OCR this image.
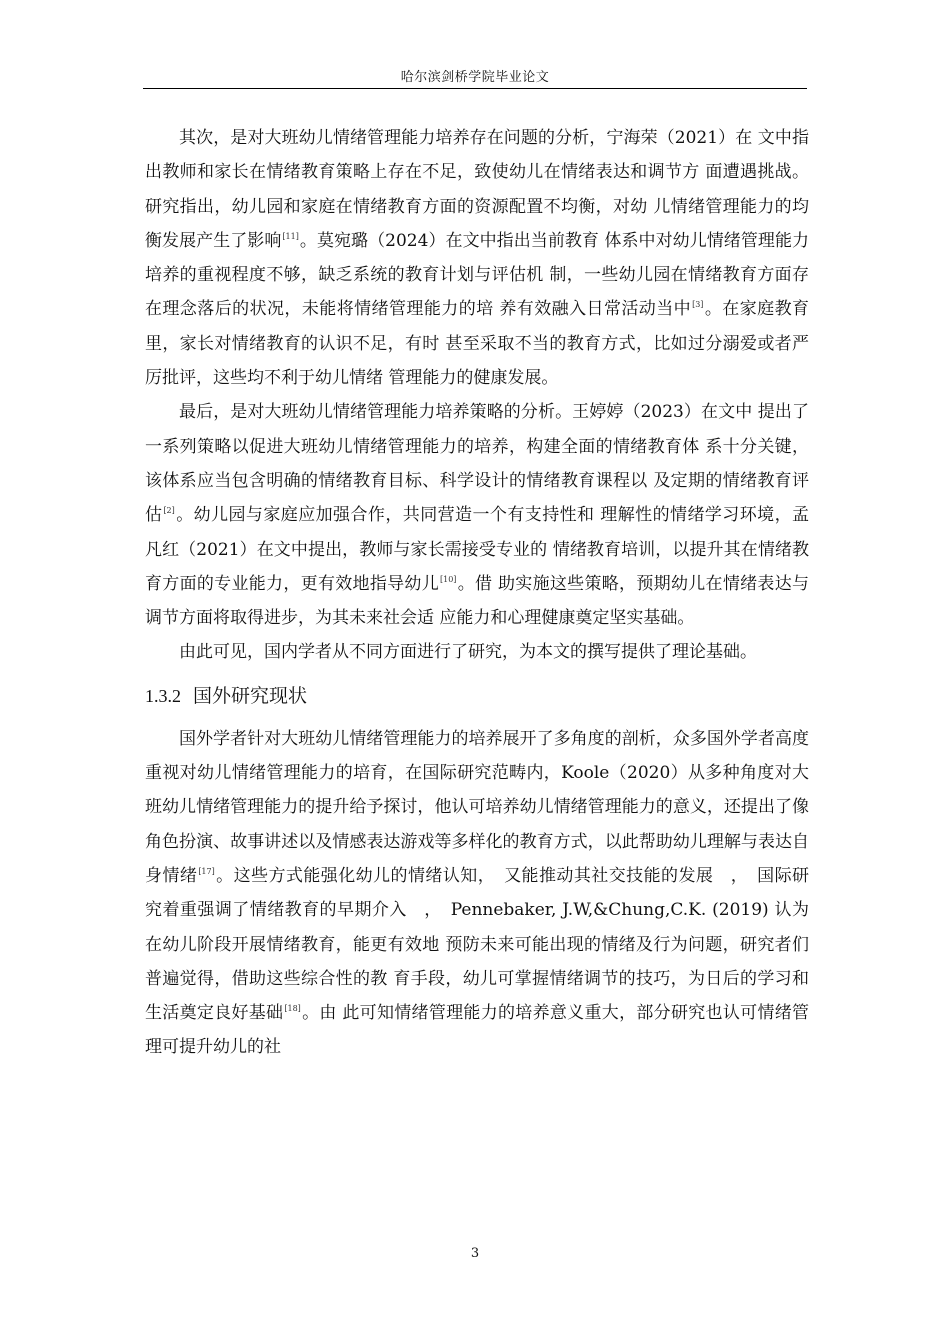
哈尔滨剑桥学院毕业论文

其次，是对大班幼儿情绪管理能力培养存在问题的分析，宁海荣（2021）在 文中指出教师和家长在情绪教育策略上存在不足，致使幼儿在情绪表达和调节方 面遭遇挑战。研究指出，幼儿园和家庭在情绪教育方面的资源配置不均衡，对幼 儿情绪管理能力的均衡发展产生了影响[11]。莫宛璐（2024）在文中指出当前教育 体系中对幼儿情绪管理能力培养的重视程度不够，缺乏系统的教育计划与评估机 制，一些幼儿园在情绪教育方面存在理念落后的状况，未能将情绪管理能力的培 养有效融入日常活动当中[3]。在家庭教育里，家长对情绪教育的认识不足，有时 甚至采取不当的教育方式，比如过分溺爱或者严厉批评，这些均不利于幼儿情绪 管理能力的健康发展。

最后，是对大班幼儿情绪管理能力培养策略的分析。王婷婷（2023）在文中 提出了一系列策略以促进大班幼儿情绪管理能力的培养，构建全面的情绪教育体 系十分关键，该体系应当包含明确的情绪教育目标、科学设计的情绪教育课程以 及定期的情绪教育评估[2]。幼儿园与家庭应加强合作，共同营造一个有支持性和 理解性的情绪学习环境，孟凡红（2021）在文中提出，教师与家长需接受专业的 情绪教育培训，以提升其在情绪教育方面的专业能力，更有效地指导幼儿[10]。借 助实施这些策略，预期幼儿在情绪表达与调节方面将取得进步，为其未来社会适 应能力和心理健康奠定坚实基础。

由此可见，国内学者从不同方面进行了研究，为本文的撰写提供了理论基础。

1.3.2 国外研究现状

国外学者针对大班幼儿情绪管理能力的培养展开了多角度的剖析，众多国外学者高度重视对幼儿情绪管理能力的培育，在国际研究范畴内，Koole（2020）从多种角度对大班幼儿情绪管理能力的提升给予探讨，他认可培养幼儿情绪管理能力的意义，还提出了像角色扮演、故事讲述以及情感表达游戏等多样化的教育方式，以此帮助幼儿理解与表达自身情绪[17]。这些方式能强化幼儿的情绪认知，　又能推动其社交技能的发展　，　国际研究着重强调了情绪教育的早期介入　，　Pennebaker, J.W,&Chung,C.K. (2019) 认为在幼儿阶段开展情绪教育，能更有效地 预防未来可能出现的情绪及行为问题，研究者们普遍觉得，借助这些综合性的教 育手段，幼儿可掌握情绪调节的技巧，为日后的学习和生活奠定良好基础[18]。由 此可知情绪管理能力的培养意义重大，部分研究也认可情绪管理可提升幼儿的社

3
